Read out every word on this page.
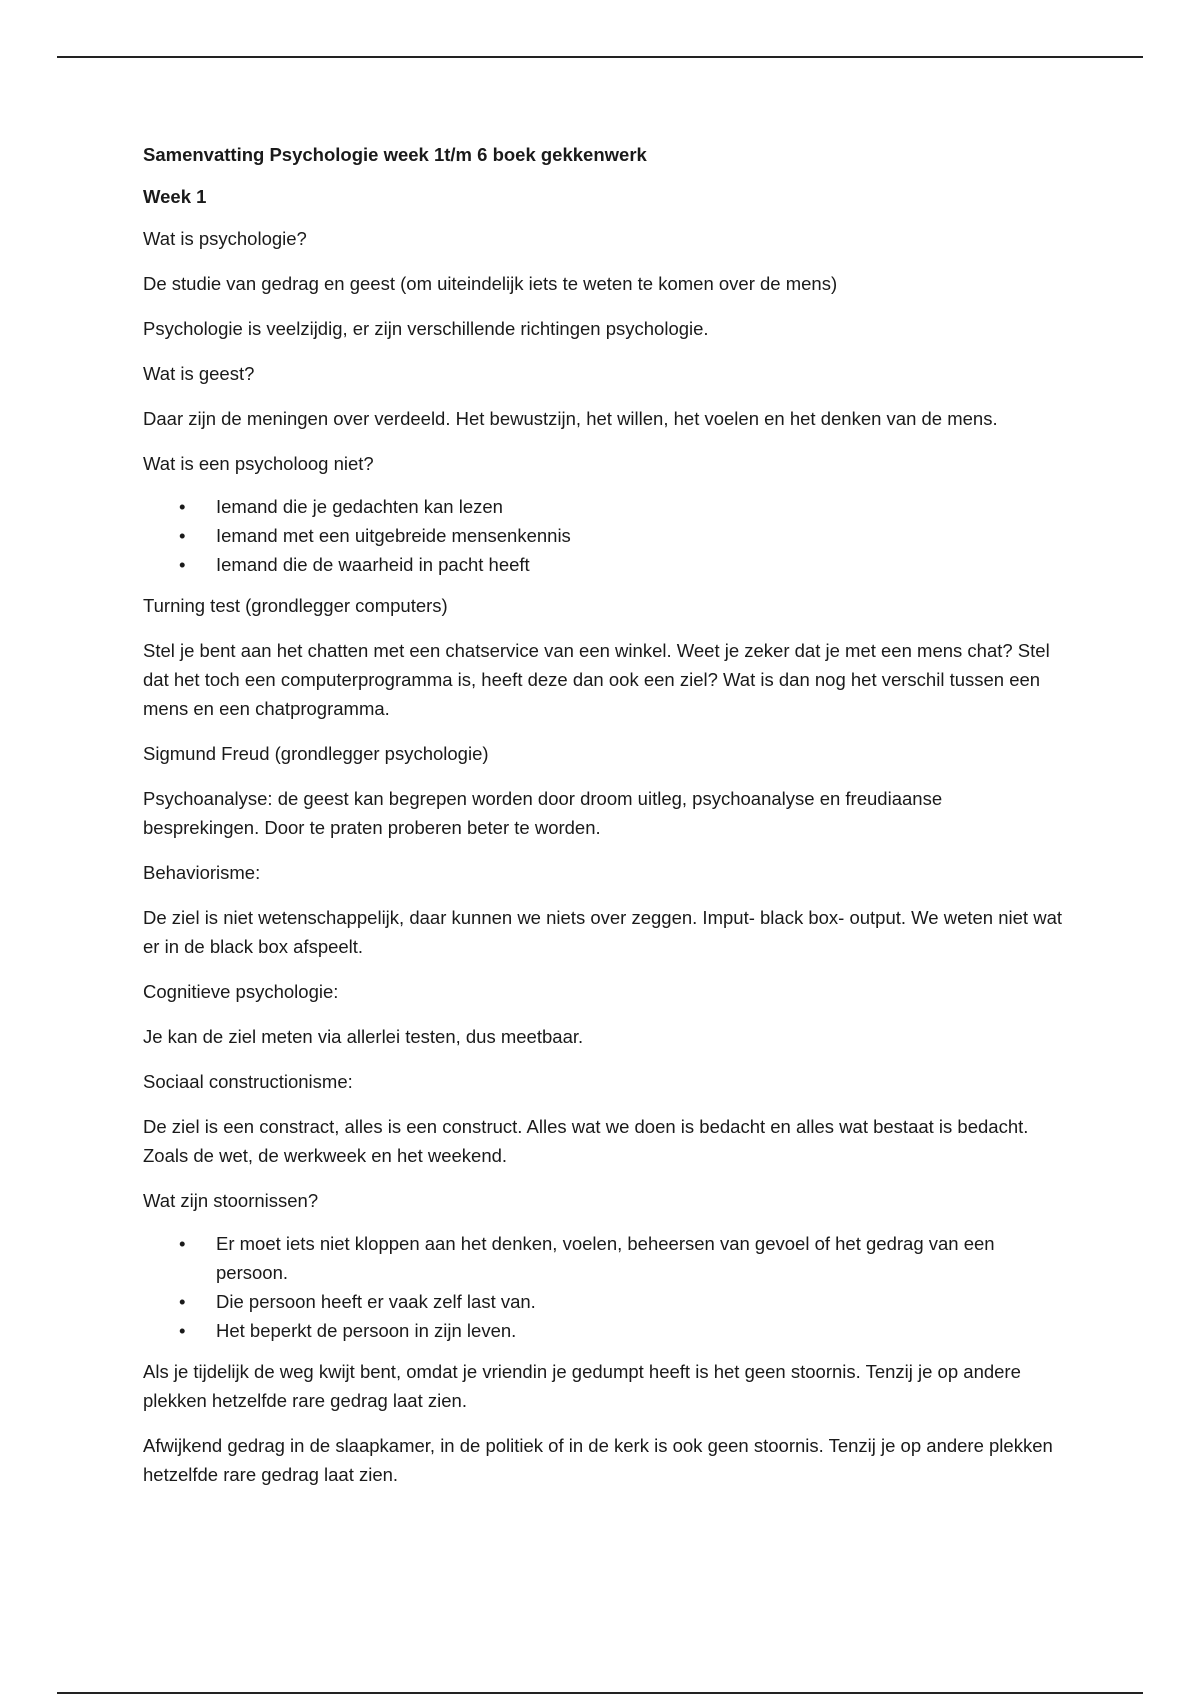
Samenvatting Psychologie week 1t/m 6 boek gekkenwerk

Week 1

Wat is psychologie?

De studie van gedrag en geest (om uiteindelijk iets te weten te komen over de mens)

Psychologie is veelzijdig, er zijn verschillende richtingen psychologie.

Wat is geest?

Daar zijn de meningen over verdeeld. Het bewustzijn, het willen, het voelen en het denken van de mens.

Wat is een psycholoog niet?

• Iemand die je gedachten kan lezen
• Iemand met een uitgebreide mensenkennis
• Iemand die de waarheid in pacht heeft

Turning test (grondlegger computers)

Stel je bent aan het chatten met een chatservice van een winkel. Weet je zeker dat je met een mens chat? Stel dat het toch een computerprogramma is, heeft deze dan ook een ziel? Wat is dan nog het verschil tussen een mens en een chatprogramma.

Sigmund Freud (grondlegger psychologie)

Psychoanalyse: de geest kan begrepen worden door droom uitleg, psychoanalyse en freudiaanse besprekingen. Door te praten proberen beter te worden.

Behaviorisme:

De ziel is niet wetenschappelijk, daar kunnen we niets over zeggen. Imput- black box- output. We weten niet wat er in de black box afspeelt.

Cognitieve psychologie:

Je kan de ziel meten via allerlei testen, dus meetbaar.

Sociaal constructionisme:

De ziel is een constract, alles is een construct. Alles wat we doen is bedacht en alles wat bestaat is bedacht. Zoals de wet, de werkweek en het weekend.

Wat zijn stoornissen?

• Er moet iets niet kloppen aan het denken, voelen, beheersen van gevoel of het gedrag van een persoon.
• Die persoon heeft er vaak zelf last van.
• Het beperkt de persoon in zijn leven.

Als je tijdelijk de weg kwijt bent, omdat je vriendin je gedumpt heeft is het geen stoornis. Tenzij je op andere plekken hetzelfde rare gedrag laat zien.

Afwijkend gedrag in de slaapkamer, in de politiek of in de kerk is ook geen stoornis. Tenzij je op andere plekken hetzelfde rare gedrag laat zien.
